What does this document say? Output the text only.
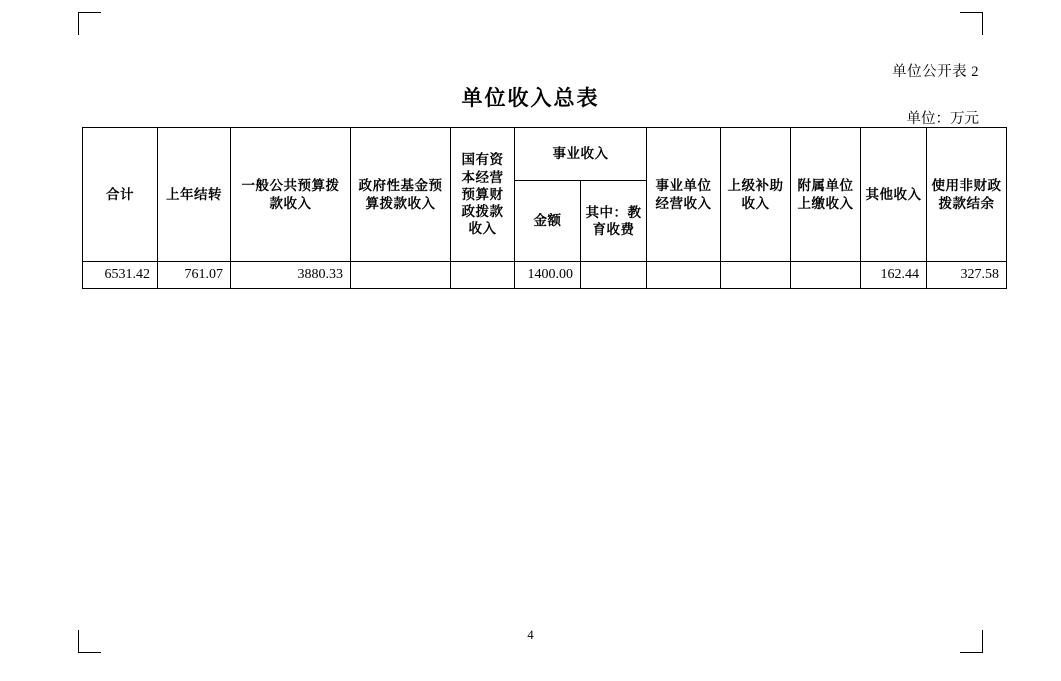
单位公开表 2
单位收入总表
单位：万元
合计	上年结转	一般公共预算拨款收入	政府性基金预算拨款收入	国有资本经营预算财政拨款收入	事业收入		事业单位经营收入	上级补助收入	附属单位上缴收入	其他收入	使用非财政拨款结余
					金额	其中：教育收费					
6531.42	761.07	3880.33			1400.00					162.44	327.58
4
